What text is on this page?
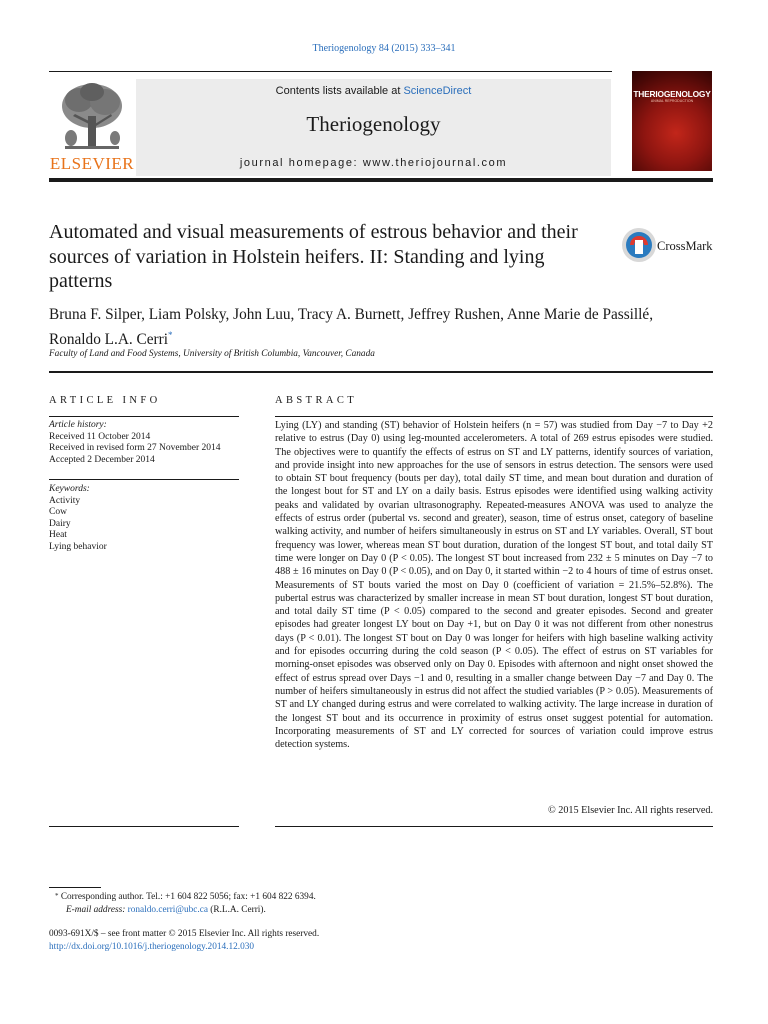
Theriogenology 84 (2015) 333–341
ELSEVIER
Contents lists available at ScienceDirect
Theriogenology
journal homepage: www.theriojournal.com
THERIOGENOLOGY
ANIMAL REPRODUCTION
Automated and visual measurements of estrous behavior and their sources of variation in Holstein heifers. II: Standing and lying patterns
CrossMark
Bruna F. Silper, Liam Polsky, John Luu, Tracy A. Burnett, Jeffrey Rushen, Anne Marie de Passillé, Ronaldo L.A. Cerri*
Faculty of Land and Food Systems, University of British Columbia, Vancouver, Canada
ARTICLE INFO
Article history:
Received 11 October 2014
Received in revised form 27 November 2014
Accepted 2 December 2014
Keywords:
Activity
Cow
Dairy
Heat
Lying behavior
ABSTRACT

Lying (LY) and standing (ST) behavior of Holstein heifers (n = 57) was studied from Day −7 to Day +2 relative to estrus (Day 0) using leg-mounted accelerometers. A total of 269 estrus episodes were studied. The objectives were to quantify the effects of estrus on ST and LY patterns, identify sources of variation, and provide insight into new approaches for the use of sensors in estrus detection. The sensors were used to obtain ST bout frequency (bouts per day), total daily ST time, and mean bout duration and duration of the longest bout for ST and LY on a daily basis. Estrus episodes were identified using walking activity peaks and validated by ovarian ultrasonography. Repeated-measures ANOVA was used to analyze the effects of estrus order (pubertal vs. second and greater), season, time of estrus onset, category of baseline walking activity, and number of heifers simultaneously in estrus on ST and LY variables. Overall, ST bout frequency was lower, whereas mean ST bout duration, duration of the longest ST bout, and total daily ST time were longer on Day 0 (P < 0.05). The longest ST bout increased from 232 ± 5 minutes on Day −7 to 488 ± 16 minutes on Day 0 (P < 0.05), and on Day 0, it started within −2 to 4 hours of time of estrus onset. Measurements of ST bouts varied the most on Day 0 (coefficient of variation = 21.5%–52.8%). The pubertal estrus was characterized by smaller increase in mean ST bout duration, longest ST bout duration, and total daily ST time (P < 0.05) compared to the second and greater episodes. Second and greater episodes had greater longest LY bout on Day +1, but on Day 0 it was not different from other nonestrus days (P < 0.01). The longest ST bout on Day 0 was longer for heifers with high baseline walking activity and for episodes occurring during the cold season (P < 0.05). The effect of estrus on ST variables for morning-onset episodes was observed only on Day 0. Episodes with afternoon and night onset showed the effect of estrus spread over Days −1 and 0, resulting in a smaller change between Day −7 and Day 0. The number of heifers simultaneously in estrus did not affect the studied variables (P > 0.05). Measurements of ST and LY changed during estrus and were correlated to walking activity. The large increase in duration of the longest ST bout and its occurrence in proximity of estrus onset suggest potential for automation. Incorporating measurements of ST and LY corrected for sources of variation could improve estrus detection systems.

© 2015 Elsevier Inc. All rights reserved.
* Corresponding author. Tel.: +1 604 822 5056; fax: +1 604 822 6394.
E-mail address: ronaldo.cerri@ubc.ca (R.L.A. Cerri).
0093-691X/$ – see front matter © 2015 Elsevier Inc. All rights reserved.
http://dx.doi.org/10.1016/j.theriogenology.2014.12.030
